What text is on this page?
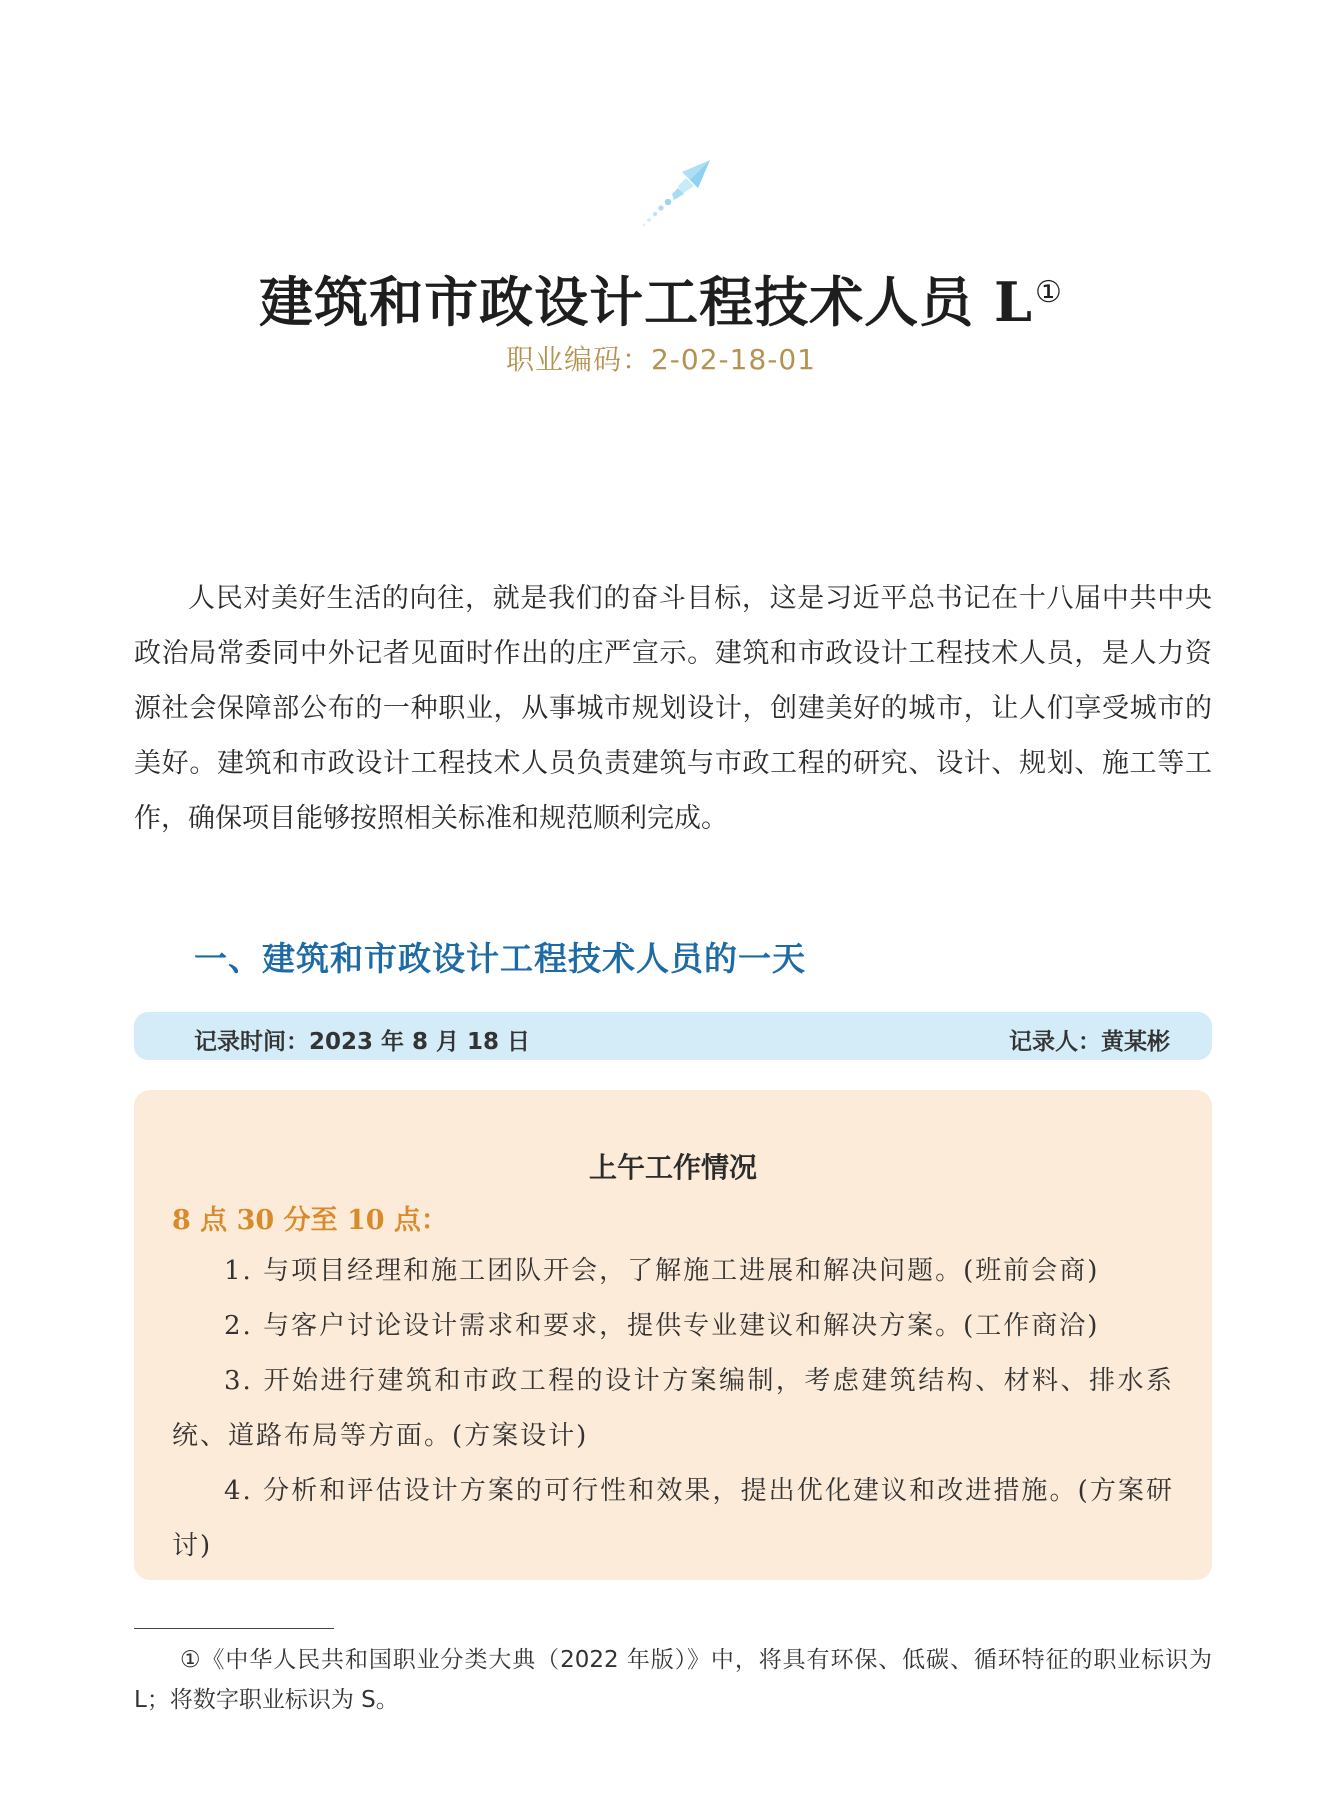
建筑和市政设计工程技术人员 L①
职业编码：2-02-18-01

人民对美好生活的向往，就是我们的奋斗目标，这是习近平总书记在十八届中共中央政治局常委同中外记者见面时作出的庄严宣示。建筑和市政设计工程技术人员，是人力资源社会保障部公布的一种职业，从事城市规划设计，创建美好的城市，让人们享受城市的美好。建筑和市政设计工程技术人员负责建筑与市政工程的研究、设计、规划、施工等工作，确保项目能够按照相关标准和规范顺利完成。

一、建筑和市政设计工程技术人员的一天
记录时间：2023 年 8 月 18 日	记录人：黄某彬
上午工作情况
8 点 30 分至 10 点：

1. 与项目经理和施工团队开会，了解施工进展和解决问题。(班前会商)

2. 与客户讨论设计需求和要求，提供专业建议和解决方案。(工作商洽)

3. 开始进行建筑和市政工程的设计方案编制，考虑建筑结构、材料、排水系统、道路布局等方面。(方案设计)

4. 分析和评估设计方案的可行性和效果，提出优化建议和改进措施。(方案研讨)

①《中华人民共和国职业分类大典（2022 年版）》中，将具有环保、低碳、循环特征的职业标识为 L；将数字职业标识为 S。
